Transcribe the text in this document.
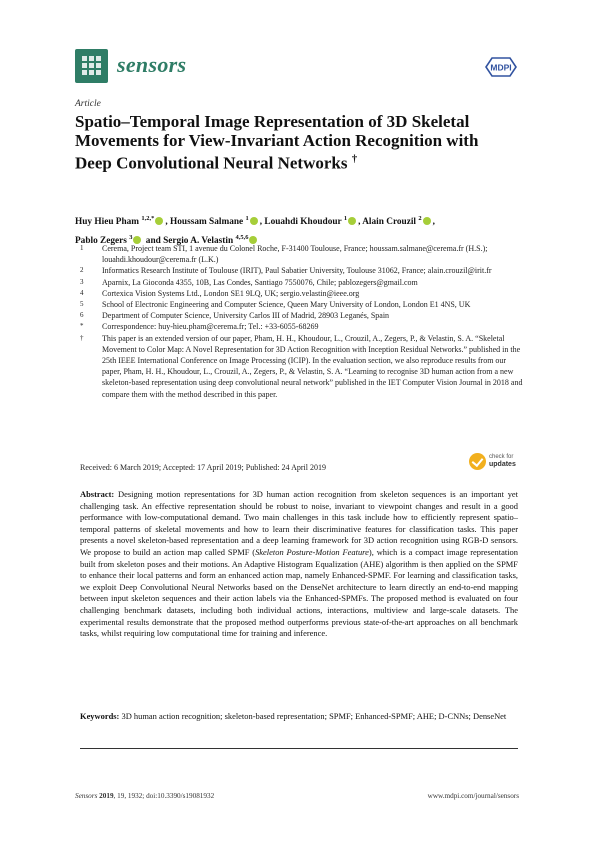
sensors	MDPI
Article
Spatio–Temporal Image Representation of 3D Skeletal Movements for View-Invariant Action Recognition with Deep Convolutional Neural Networks †
Huy Hieu Pham $^{1,2,*}$ , Houssam Salmane $^1$ , Louahdi Khoudour $^1$ , Alain Crouzil $^2$ ,
Pablo Zegers $^3$ and Sergio A. Velastin $^{4,5,6}$
1	Cerema, Project team STI, 1 avenue du Colonel Roche, F-31400 Toulouse, France; houssam.salmane@cerema.fr (H.S.); louahdi.khoudour@cerema.fr (L.K.)
2	Informatics Research Institute of Toulouse (IRIT), Paul Sabatier University, Toulouse 31062, France; alain.crouzil@irit.fr
3	Aparnix, La Gioconda 4355, 10B, Las Condes, Santiago 7550076, Chile; pablozegers@gmail.com
4	Cortexica Vision Systems Ltd., London SE1 9LQ, UK; sergio.velastin@ieee.org
5	School of Electronic Engineering and Computer Science, Queen Mary University of London, London E1 4NS, UK
6	Department of Computer Science, University Carlos III of Madrid, 28903 Leganés, Spain
*	Correspondence: huy-hieu.pham@cerema.fr; Tel.: +33-6055-68269
†	This paper is an extended version of our paper, Pham, H. H., Khoudour, L., Crouzil, A., Zegers, P., & Velastin, S. A. “Skeletal Movement to Color Map: A Novel Representation for 3D Action Recognition with Inception Residual Networks.” published in the 25th IEEE International Conference on Image Processing (ICIP). In the evaluation section, we also reproduce results from our paper, Pham, H. H., Khoudour, L., Crouzil, A., Zegers, P., & Velastin, S. A. “Learning to recognise 3D human action from a new skeleton-based representation using deep convolutional neural network” published in the IET Computer Vision Journal in 2018 and compare them with the method described in this paper.
Received: 6 March 2019; Accepted: 17 April 2019; Published: 24 April 2019
check for
updates
Abstract: Designing motion representations for 3D human action recognition from skeleton sequences is an important yet challenging task. An effective representation should be robust to noise, invariant to viewpoint changes and result in a good performance with low-computational demand. Two main challenges in this task include how to efficiently represent spatio–temporal patterns of skeletal movements and how to learn their discriminative features for classification tasks. This paper presents a novel skeleton-based representation and a deep learning framework for 3D action recognition using RGB-D sensors. We propose to build an action map called SPMF (Skeleton Posture-Motion Feature), which is a compact image representation built from skeleton poses and their motions. An Adaptive Histogram Equalization (AHE) algorithm is then applied on the SPMF to enhance their local patterns and form an enhanced action map, namely Enhanced-SPMF. For learning and classification tasks, we exploit Deep Convolutional Neural Networks based on the DenseNet architecture to learn directly an end-to-end mapping between input skeleton sequences and their action labels via the Enhanced-SPMFs. The proposed method is evaluated on four challenging benchmark datasets, including both individual actions, interactions, multiview and large-scale datasets. The experimental results demonstrate that the proposed method outperforms previous state-of-the-art approaches on all benchmark tasks, whilst requiring low computational time for training and inference.
Keywords: 3D human action recognition; skeleton-based representation; SPMF; Enhanced-SPMF; AHE; D-CNNs; DenseNet
Sensors 2019, 19, 1932; doi:10.3390/s19081932	www.mdpi.com/journal/sensors
